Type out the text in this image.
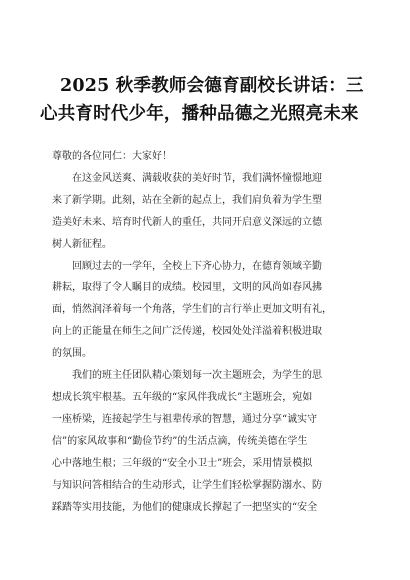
2025 秋季教师会德育副校长讲话：三
心共育时代少年，播种品德之光照亮未来
尊敬的各位同仁：大家好！
在这金风送爽、满载收获的美好时节，我们满怀憧憬地迎
来了新学期。此刻，站在全新的起点上，我们肩负着为学生塑
造美好未来、培育时代新人的重任，共同开启意义深远的立德
树人新征程。
回顾过去的一学年，全校上下齐心协力，在德育领域辛勤
耕耘，取得了令人瞩目的成绩。校园里，文明的风尚如春风拂
面，悄然润泽着每一个角落，学生们的言行举止更加文明有礼，
向上的正能量在师生之间广泛传递，校园处处洋溢着积极进取
的氛围。
我们的班主任团队精心策划每一次主题班会，为学生的思
想成长筑牢根基。五年级的“家风伴我成长”主题班会，宛如
一座桥梁，连接起学生与祖辈传承的智慧，通过分享“诚实守
信”的家风故事和“勤俭节约”的生活点滴，传统美德在学生
心中落地生根；三年级的“安全小卫士”班会，采用情景模拟
与知识问答相结合的生动形式，让学生们轻松掌握防溺水、防
踩踏等实用技能，为他们的健康成长撑起了一把坚实的“安全
